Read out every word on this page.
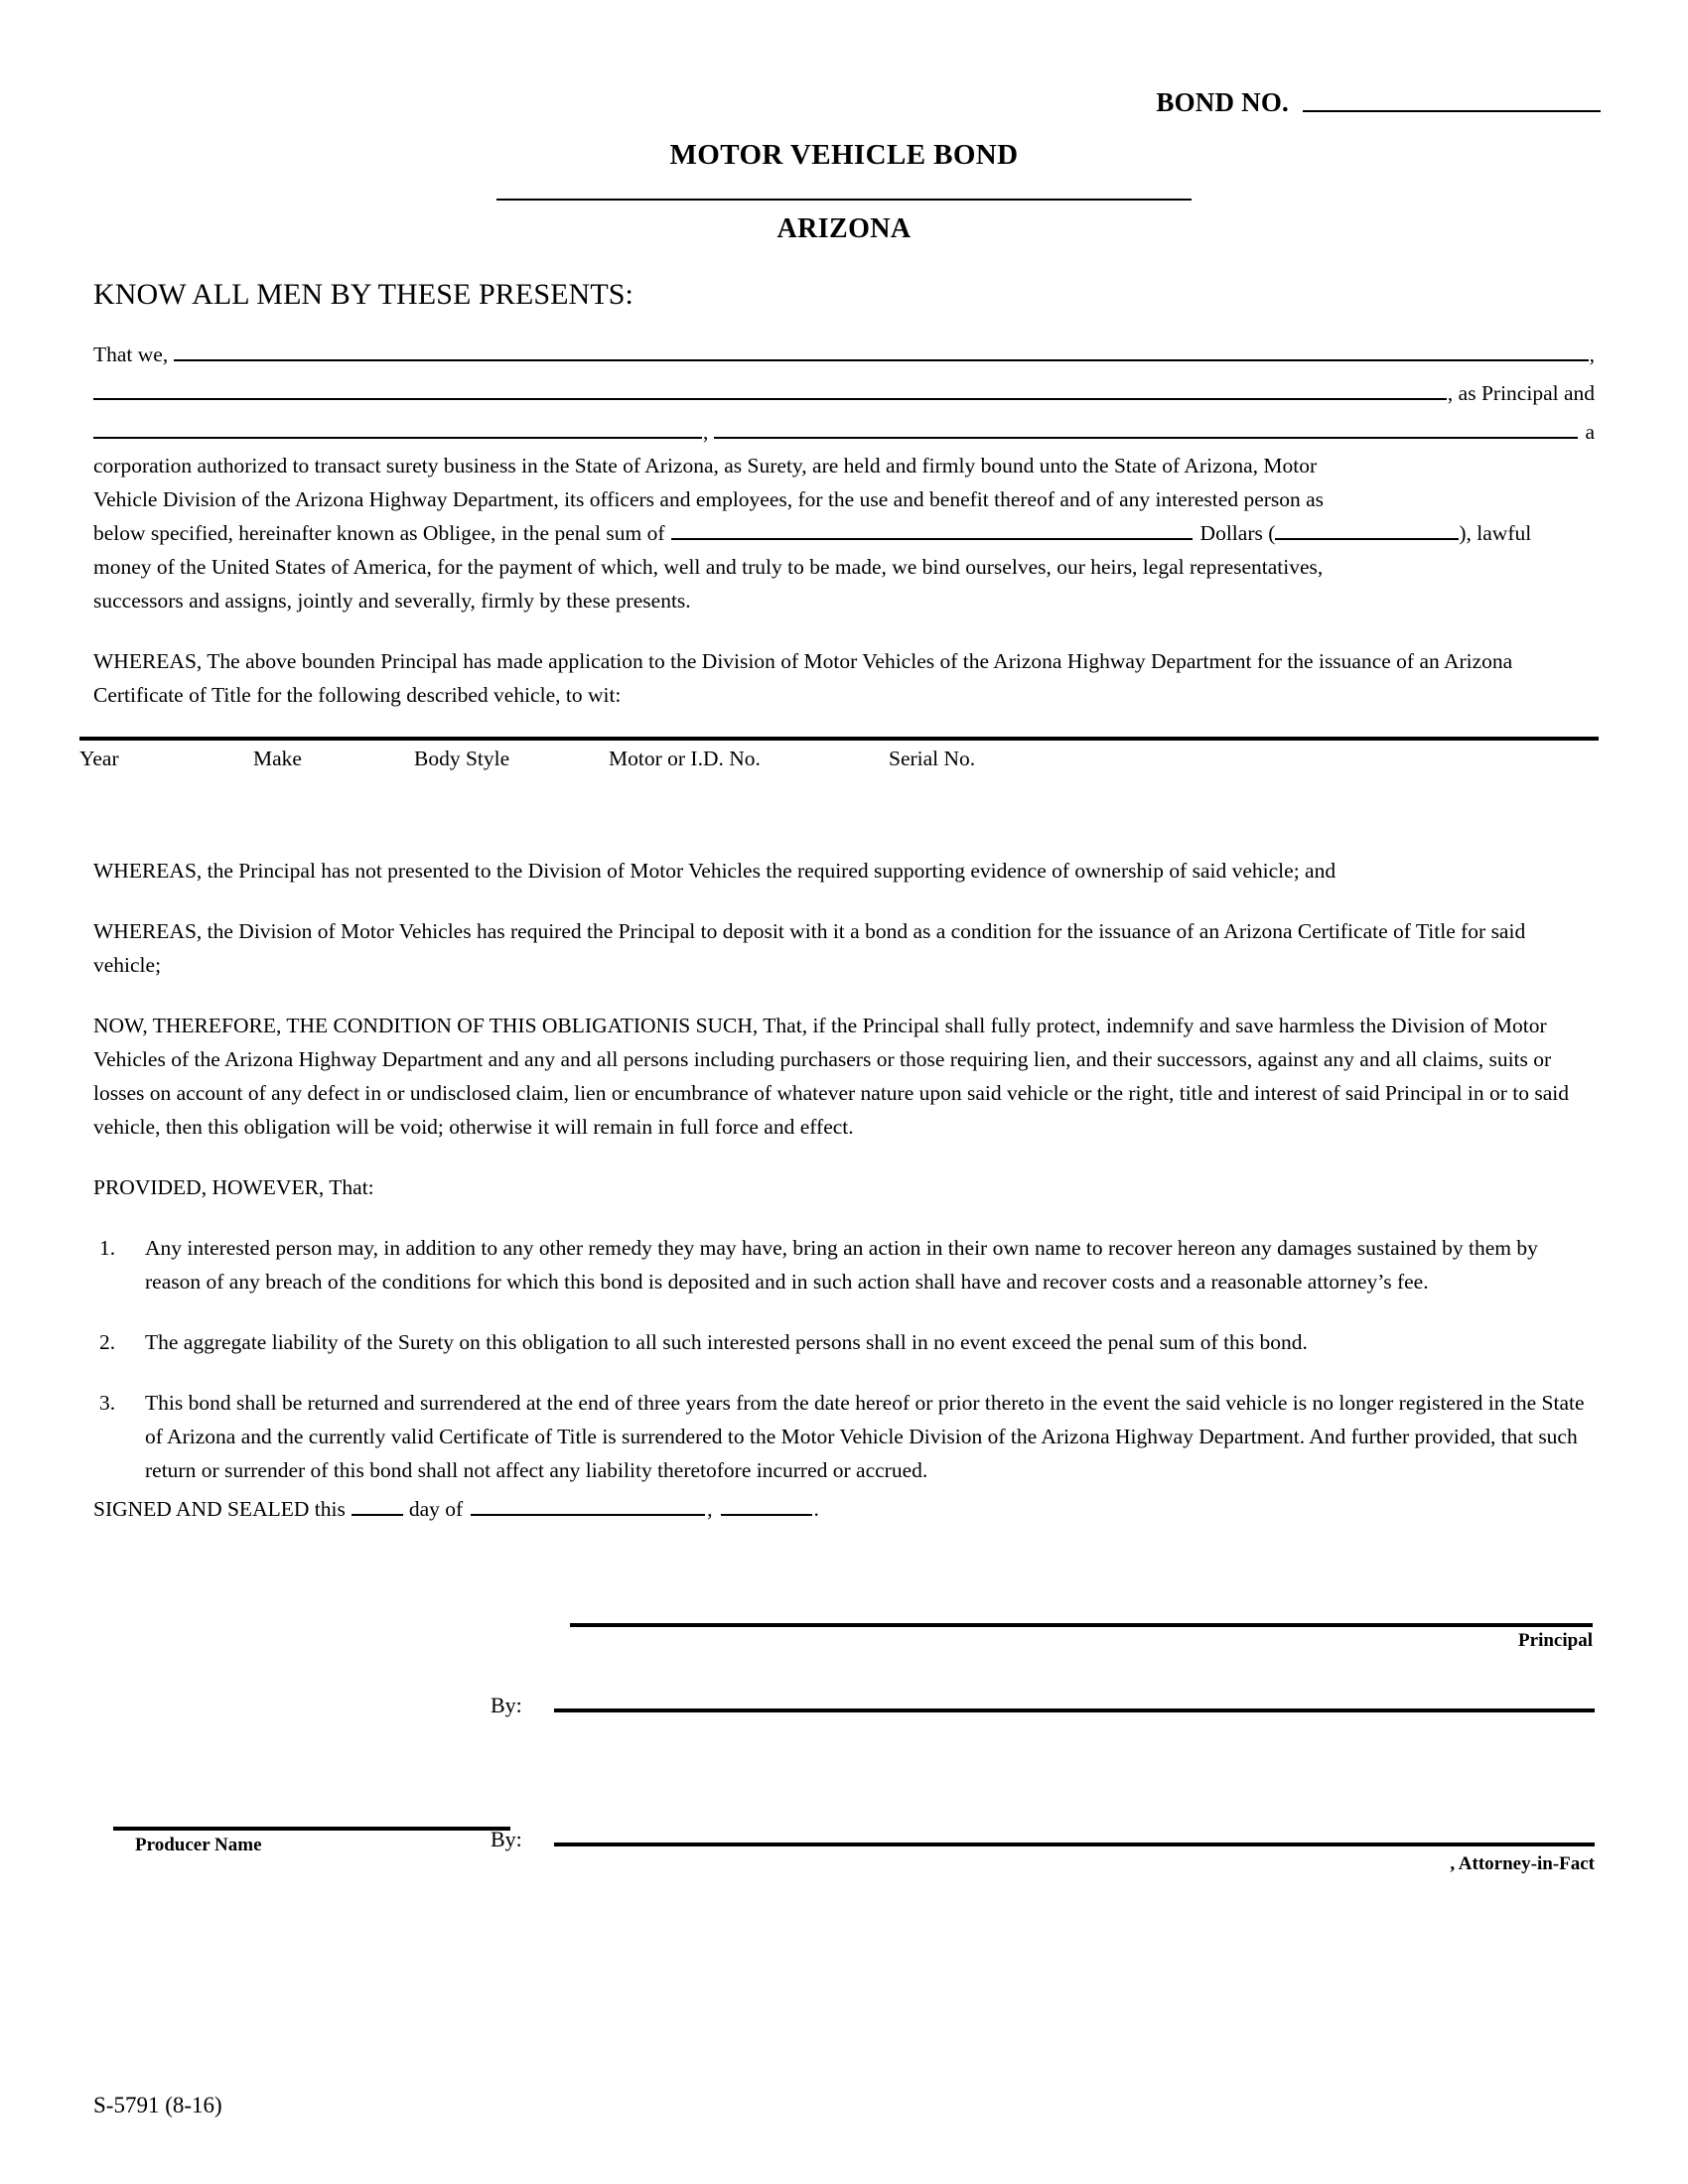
BOND NO.
MOTOR VEHICLE BOND
ARIZONA
KNOW ALL MEN BY THESE PRESENTS:
That we,	,
, as Principal and
,	a
corporation authorized to transact surety business in the State of Arizona, as Surety, are held and firmly bound unto the State of Arizona, Motor
Vehicle Division of the Arizona Highway Department, its officers and employees, for the use and benefit thereof and of any interested person as
below specified, hereinafter known as Obligee, in the penal sum of	Dollars (	), lawful
money of the United States of America, for the payment of which, well and truly to be made, we bind ourselves, our heirs, legal representatives,
successors and assigns, jointly and severally, firmly by these presents.

WHEREAS, The above bounden Principal has made application to the Division of Motor Vehicles of the Arizona Highway Department for the issuance of an Arizona Certificate of Title for the following described vehicle, to wit:

WHEREAS, the Principal has not presented to the Division of Motor Vehicles the required supporting evidence of ownership of said vehicle; and

WHEREAS, the Division of Motor Vehicles has required the Principal to deposit with it a bond as a condition for the issuance of an Arizona Certificate of Title for said vehicle;

NOW, THEREFORE, THE CONDITION OF THIS OBLIGATIONIS SUCH, That, if the Principal shall fully protect, indemnify and save harmless the Division of Motor Vehicles of the Arizona Highway Department and any and all persons including purchasers or those requiring lien, and their successors, against any and all claims, suits or losses on account of any defect in or undisclosed claim, lien or encumbrance of whatever nature upon said vehicle or the right, title and interest of said Principal in or to said vehicle, then this obligation will be void; otherwise it will remain in full force and effect.

PROVIDED, HOWEVER, That:

1. Any interested person may, in addition to any other remedy they may have, bring an action in their own name to recover hereon any damages sustained by them by reason of any breach of the conditions for which this bond is deposited and in such action shall have and recover costs and a reasonable attorney’s fee.
2. The aggregate liability of the Surety on this obligation to all such interested persons shall in no event exceed the penal sum of this bond.
3. This bond shall be returned and surrendered at the end of three years from the date hereof or prior thereto in the event the said vehicle is no longer registered in the State of Arizona and the currently valid Certificate of Title is surrendered to the Motor Vehicle Division of the Arizona Highway Department. And further provided, that such return or surrender of this bond shall not affect any liability theretofore incurred or accrued.
Year	Make	Body Style	Motor or I.D. No.	Serial No.
SIGNED AND SEALED this	day of	,	.
Principal
By:
Producer Name	By:
, Attorney-in-Fact
S-5791 (8-16)
